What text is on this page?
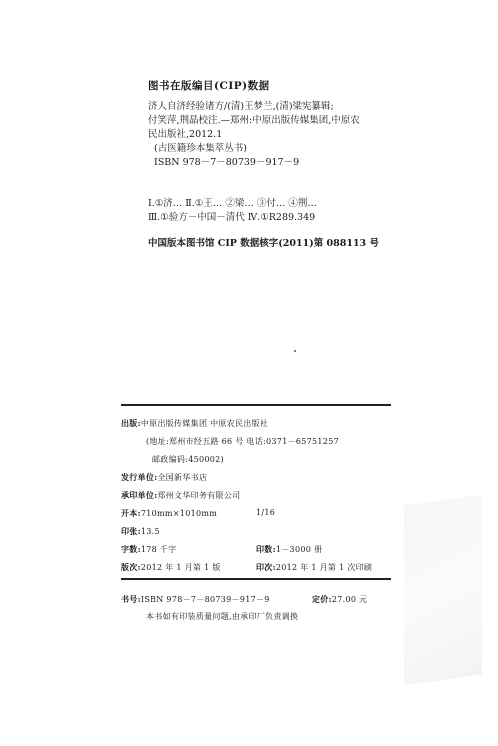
图书在版编目(CIP)数据
济人自济经验诸方/(清)王梦兰,(清)梁宪纂辑;
付笑萍,荆晶校注.—郑州:中原出版传媒集团,中原农
民出版社,2012.1
(古医籍珍本集萃丛书)
ISBN 978－7－80739－917－9
Ⅰ.①济… Ⅱ.①王… ②梁… ③付… ④荆…
Ⅲ.①验方－中国－清代 Ⅳ.①R289.349
中国版本图书馆 CIP 数据核字(2011)第 088113 号
出版:中原出版传媒集团 中原农民出版社
(地址:郑州市经五路 66 号 电话:0371－65751257
邮政编码:450002)
发行单位:全国新华书店
承印单位:郑州文华印务有限公司
开本:710mm×1010mm	1/16
印张:13.5
字数:178 千字	印数:1－3000 册
版次:2012 年 1 月第 1 版	印次:2012 年 1 月第 1 次印刷
书号:ISBN 978－7－80739－917－9	定价:27.00 元
本书如有印装质量问题,由承印厂负责调换
